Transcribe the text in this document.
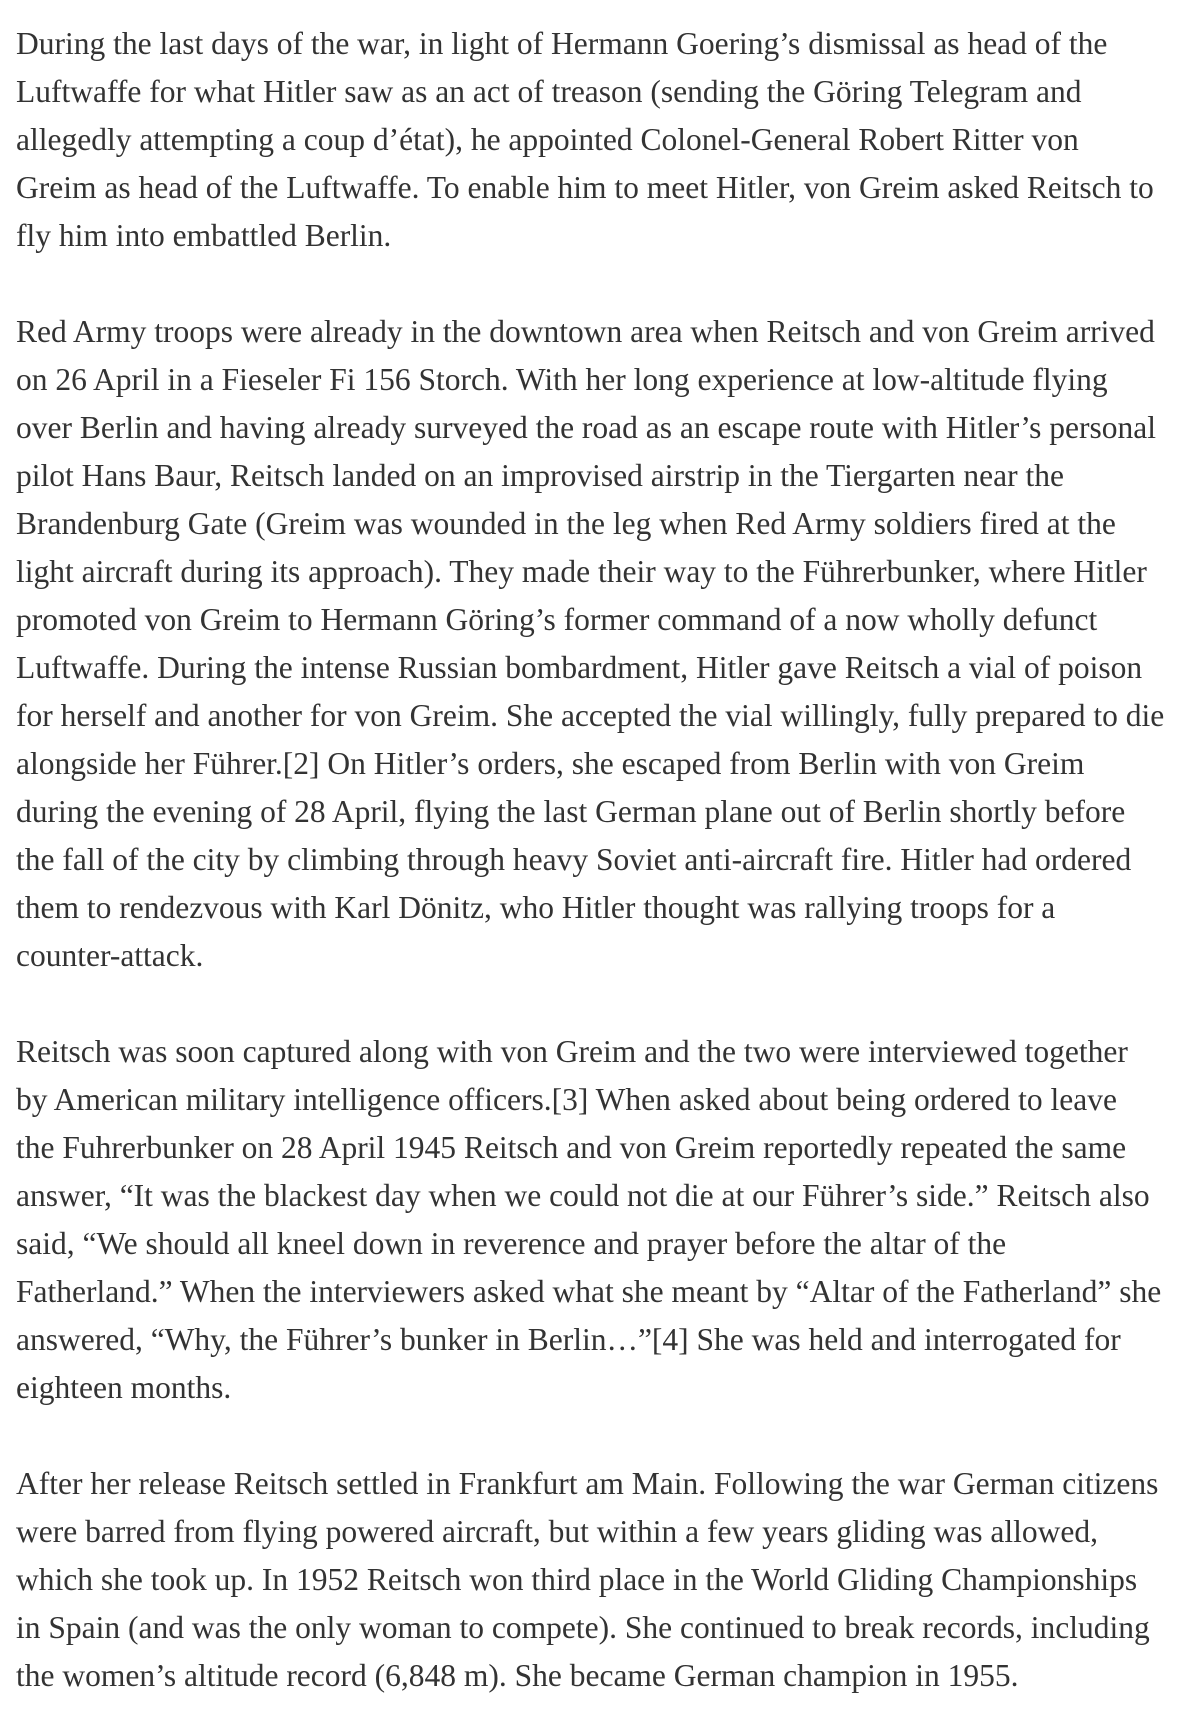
During the last days of the war, in light of Hermann Goering’s dismissal as head of the
Luftwaffe for what Hitler saw as an act of treason (sending the Göring Telegram and
allegedly attempting a coup d’état), he appointed Colonel-General Robert Ritter von
Greim as head of the Luftwaffe. To enable him to meet Hitler, von Greim asked Reitsch to
fly him into embattled Berlin.

Red Army troops were already in the downtown area when Reitsch and von Greim arrived
on 26 April in a Fieseler Fi 156 Storch. With her long experience at low-altitude flying
over Berlin and having already surveyed the road as an escape route with Hitler’s personal
pilot Hans Baur, Reitsch landed on an improvised airstrip in the Tiergarten near the
Brandenburg Gate (Greim was wounded in the leg when Red Army soldiers fired at the
light aircraft during its approach). They made their way to the Führerbunker, where Hitler
promoted von Greim to Hermann Göring’s former command of a now wholly defunct
Luftwaffe. During the intense Russian bombardment, Hitler gave Reitsch a vial of poison
for herself and another for von Greim. She accepted the vial willingly, fully prepared to die
alongside her Führer.[2] On Hitler’s orders, she escaped from Berlin with von Greim
during the evening of 28 April, flying the last German plane out of Berlin shortly before
the fall of the city by climbing through heavy Soviet anti-aircraft fire. Hitler had ordered
them to rendezvous with Karl Dönitz, who Hitler thought was rallying troops for a
counter-attack.

Reitsch was soon captured along with von Greim and the two were interviewed together
by American military intelligence officers.[3] When asked about being ordered to leave
the Fuhrerbunker on 28 April 1945 Reitsch and von Greim reportedly repeated the same
answer, “It was the blackest day when we could not die at our Führer’s side.” Reitsch also
said, “We should all kneel down in reverence and prayer before the altar of the
Fatherland.” When the interviewers asked what she meant by “Altar of the Fatherland” she
answered, “Why, the Führer’s bunker in Berlin…”[4] She was held and interrogated for
eighteen months.

After her release Reitsch settled in Frankfurt am Main. Following the war German citizens
were barred from flying powered aircraft, but within a few years gliding was allowed,
which she took up. In 1952 Reitsch won third place in the World Gliding Championships
in Spain (and was the only woman to compete). She continued to break records, including
the women’s altitude record (6,848 m). She became German champion in 1955.
